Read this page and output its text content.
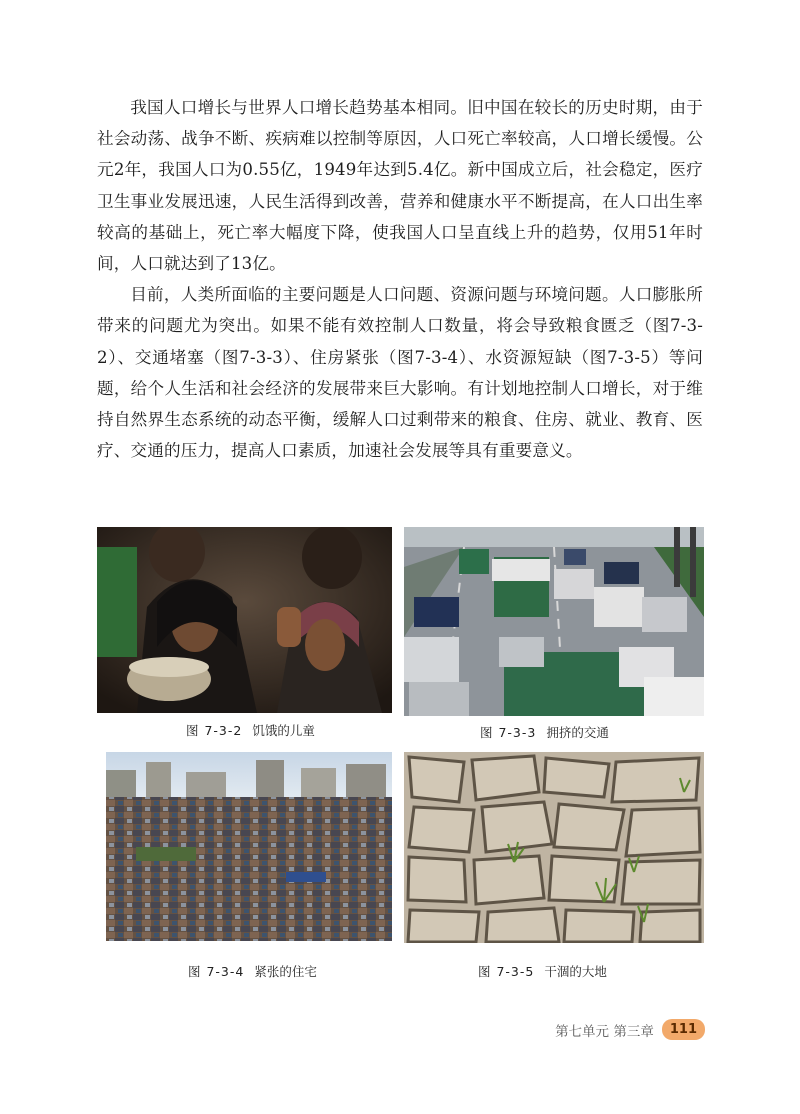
我国人口增长与世界人口增长趋势基本相同。旧中国在较长的历史时期，由于社会动荡、战争不断、疾病难以控制等原因，人口死亡率较高，人口增长缓慢。公元2年，我国人口为0.55亿，1949年达到5.4亿。新中国成立后，社会稳定，医疗卫生事业发展迅速，人民生活得到改善，营养和健康水平不断提高，在人口出生率较高的基础上，死亡率大幅度下降，使我国人口呈直线上升的趋势，仅用51年时间，人口就达到了13亿。

目前，人类所面临的主要问题是人口问题、资源问题与环境问题。人口膨胀所带来的问题尤为突出。如果不能有效控制人口数量，将会导致粮食匮乏（图7-3-2）、交通堵塞（图7-3-3）、住房紧张（图7-3-4）、水资源短缺（图7-3-5）等问题，给个人生活和社会经济的发展带来巨大影响。有计划地控制人口增长，对于维持自然界生态系统的动态平衡，缓解人口过剩带来的粮食、住房、就业、教育、医疗、交通的压力，提高人口素质，加速社会发展等具有重要意义。

图 7-3-2 饥饿的儿童	图 7-3-3 拥挤的交通
图 7-3-4 紧张的住宅	图 7-3-5 干涸的大地
第七单元 第三章	111
